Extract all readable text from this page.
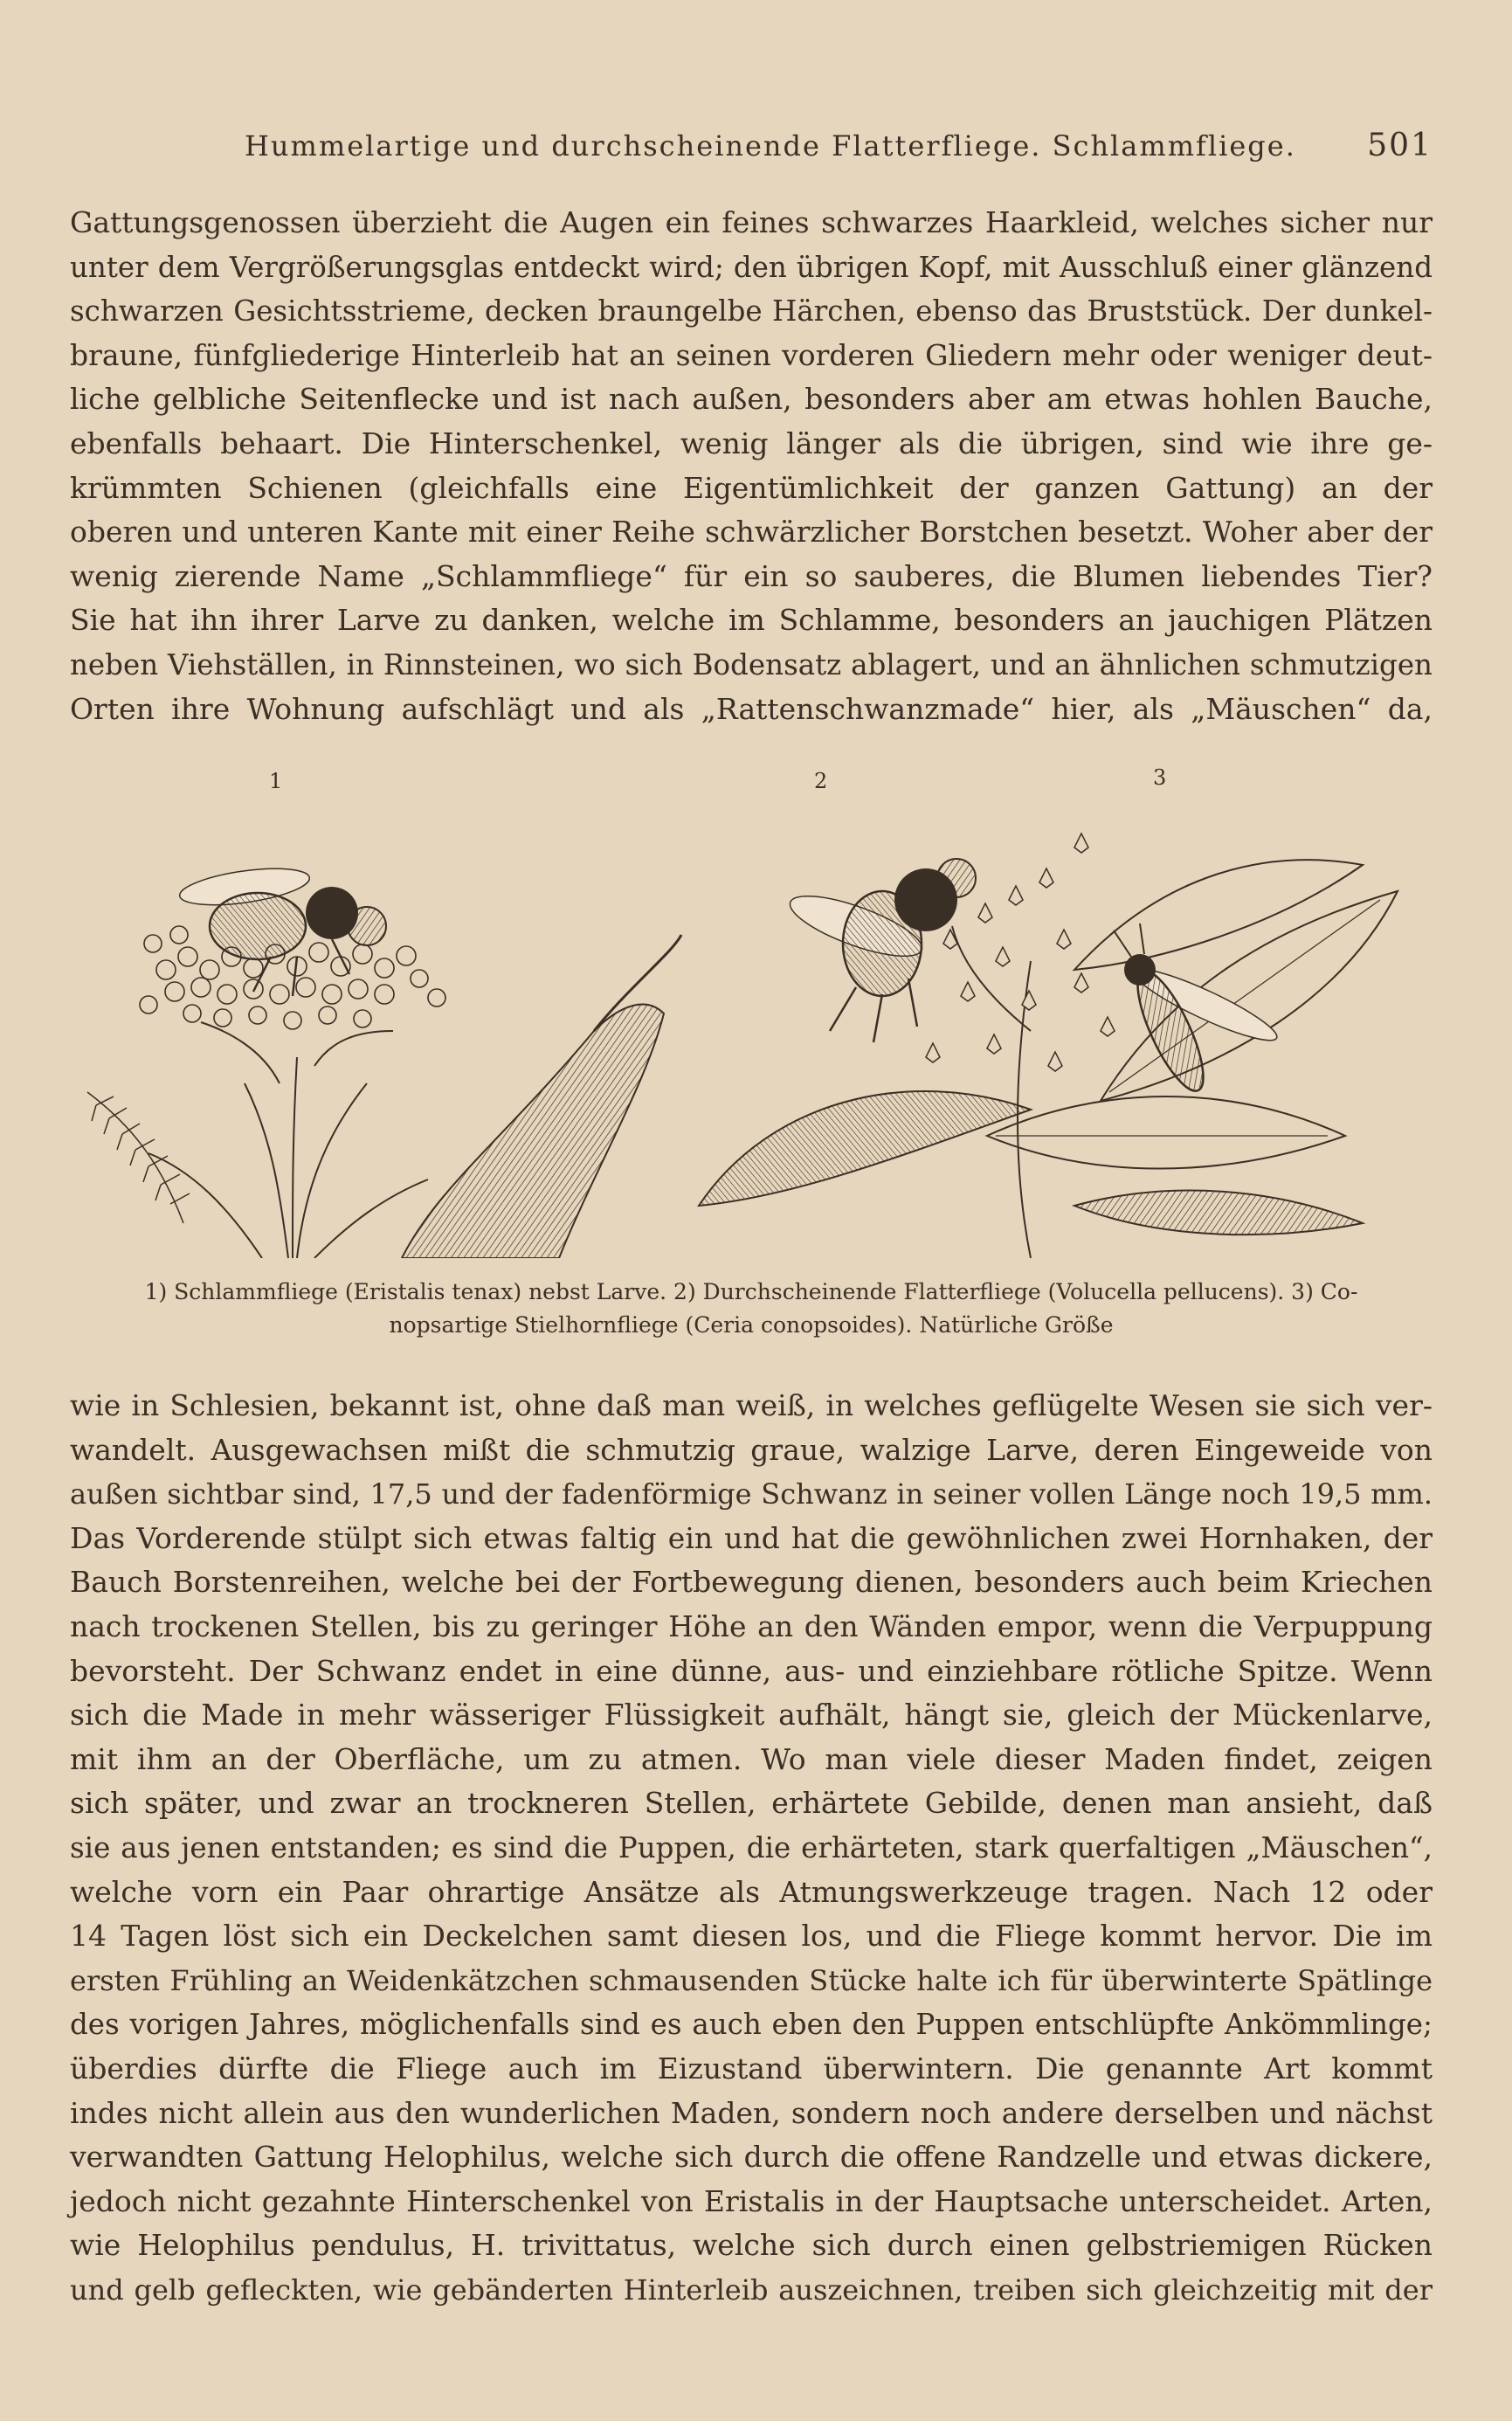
Hummelartige und durchscheinende Flatterfliege. Schlammfliege. 501
Gattungsgenossen überzieht die Augen ein feines schwarzes Haarkleid, welches sicher nur
unter dem Vergrößerungsglas entdeckt wird; den übrigen Kopf, mit Ausschluß einer glänzend
schwarzen Gesichtsstrieme, decken braungelbe Härchen, ebenso das Bruststück. Der dunkel-
braune, fünfgliederige Hinterleib hat an seinen vorderen Gliedern mehr oder weniger deut-
liche gelbliche Seitenflecke und ist nach außen, besonders aber am etwas hohlen Bauche,
ebenfalls behaart. Die Hinterschenkel, wenig länger als die übrigen, sind wie ihre ge-
krümmten Schienen (gleichfalls eine Eigentümlichkeit der ganzen Gattung) an der
oberen und unteren Kante mit einer Reihe schwärzlicher Borstchen besetzt. Woher aber der
wenig zierende Name „Schlammfliege“ für ein so sauberes, die Blumen liebendes Tier?
Sie hat ihn ihrer Larve zu danken, welche im Schlamme, besonders an jauchigen Plätzen
neben Viehställen, in Rinnsteinen, wo sich Bodensatz ablagert, und an ähnlichen schmutzigen
Orten ihre Wohnung aufschlägt und als „Rattenschwanzmade“ hier, als „Mäuschen“ da,
1	2	3
1) Schlammfliege (Eristalis tenax) nebst Larve. 2) Durchscheinende Flatterfliege (Volucella pellucens). 3) Co-
nopsartige Stielhornfliege (Ceria conopsoides). Natürliche Größe
wie in Schlesien, bekannt ist, ohne daß man weiß, in welches geflügelte Wesen sie sich ver-
wandelt. Ausgewachsen mißt die schmutzig graue, walzige Larve, deren Eingeweide von
außen sichtbar sind, 17,5 und der fadenförmige Schwanz in seiner vollen Länge noch 19,5 mm.
Das Vorderende stülpt sich etwas faltig ein und hat die gewöhnlichen zwei Hornhaken, der
Bauch Borstenreihen, welche bei der Fortbewegung dienen, besonders auch beim Kriechen
nach trockenen Stellen, bis zu geringer Höhe an den Wänden empor, wenn die Verpuppung
bevorsteht. Der Schwanz endet in eine dünne, aus- und einziehbare rötliche Spitze. Wenn
sich die Made in mehr wässeriger Flüssigkeit aufhält, hängt sie, gleich der Mückenlarve,
mit ihm an der Oberfläche, um zu atmen. Wo man viele dieser Maden findet, zeigen
sich später, und zwar an trockneren Stellen, erhärtete Gebilde, denen man ansieht, daß
sie aus jenen entstanden; es sind die Puppen, die erhärteten, stark querfaltigen „Mäuschen“,
welche vorn ein Paar ohrartige Ansätze als Atmungswerkzeuge tragen. Nach 12 oder
14 Tagen löst sich ein Deckelchen samt diesen los, und die Fliege kommt hervor. Die im
ersten Frühling an Weidenkätzchen schmausenden Stücke halte ich für überwinterte Spätlinge
des vorigen Jahres, möglichenfalls sind es auch eben den Puppen entschlüpfte Ankömmlinge;
überdies dürfte die Fliege auch im Eizustand überwintern. Die genannte Art kommt
indes nicht allein aus den wunderlichen Maden, sondern noch andere derselben und nächst
verwandten Gattung Helophilus, welche sich durch die offene Randzelle und etwas dickere,
jedoch nicht gezahnte Hinterschenkel von Eristalis in der Hauptsache unterscheidet. Arten,
wie Helophilus pendulus, H. trivittatus, welche sich durch einen gelbstriemigen Rücken
und gelb gefleckten, wie gebänderten Hinterleib auszeichnen, treiben sich gleichzeitig mit der
